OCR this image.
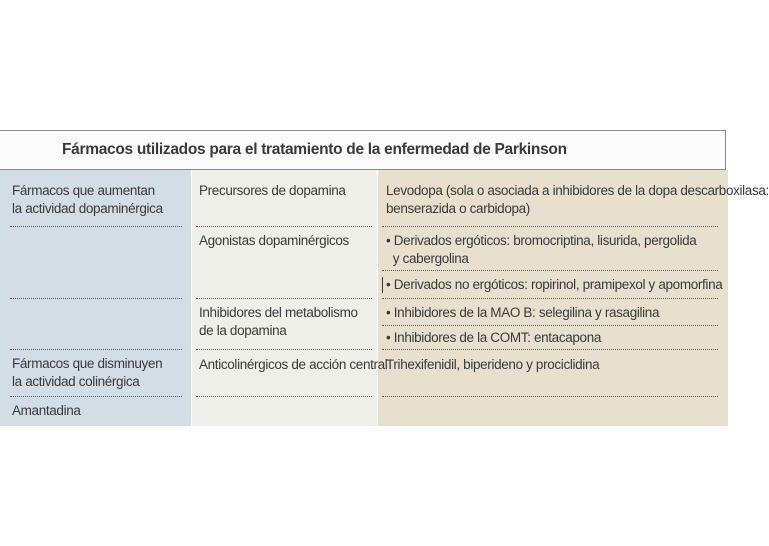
Fármacos utilizados para el tratamiento de la enfermedad de Parkinson
Fármacos que aumentan
la actividad dopaminérgica
Fármacos que disminuyen
la actividad colinérgica
Amantadina
Precursores de dopamina
Agonistas dopaminérgicos
Inhibidores del metabolismo
de la dopamina
Anticolinérgicos de acción central
Levodopa (sola o asociada a inhibidores de la dopa descarboxilasa:
benserazida o carbidopa)
• Derivados ergóticos: bromocriptina, lisurida, pergolida
y cabergolina
• Derivados no ergóticos: ropirinol, pramipexol y apomorfina
• Inhibidores de la MAO B: selegilina y rasagilina
• Inhibidores de la COMT: entacapona
Trihexifenidil, biperideno y prociclidina
